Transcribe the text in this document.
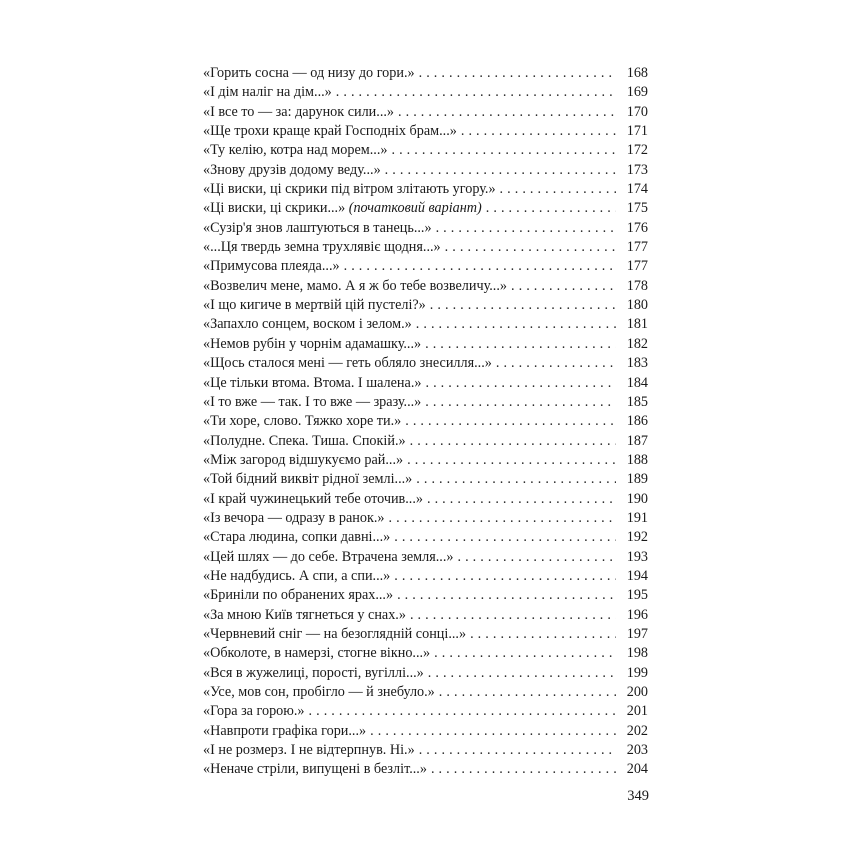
«Горить сосна — од низу до гори.» . . .	168
«І дім наліг на дім...» . . .	169
«І все то — за: дарунок сили...» . . .	170
«Ще трохи краще край Господніх брам...» . . .	171
«Ту келію, котра над морем...» . . .	172
«Знову друзів додому веду...» . . .	173
«Ці виски, ці скрики під вітром злітають угору.» . . .	174
«Ці виски, ці скрики...» (початковий варіант) . . .	175
«Сузір'я знов лаштуються в танець...» . . .	176
«...Ця твердь земна трухлявіє щодня...» . . .	177
«Примусова плеяда...» . . .	177
«Возвелич мене, мамо. А я ж бо тебе возвеличу...» . . .	178
«І що кигиче в мертвій цій пустелі?» . . .	180
«Запахло сонцем, воском і зелом.» . . .	181
«Немов рубін у чорнім адамашку...» . . .	182
«Щось сталося мені — геть обляло знесилля...» . . .	183
«Це тільки втома. Втома. І шалена.» . . .	184
«І то вже — так. І то вже — зразу...» . . .	185
«Ти хоре, слово. Тяжко хоре ти.» . . .	186
«Полудне. Спека. Тиша. Спокій.» . . .	187
«Між загород відшукуємо рай...» . . .	188
«Той бідний виквіт рідної землі...» . . .	189
«І край чужинецький тебе оточив...» . . .	190
«Із вечора — одразу в ранок.» . . .	191
«Стара людина, сопки давні...» . . .	192
«Цей шлях — до себе. Втрачена земля...» . . .	193
«Не надбудись. А спи, а спи...» . . .	194
«Бриніли по обранених ярах...» . . .	195
«За мною Київ тягнеться у снах.» . . .	196
«Червневий сніг — на безоглядній сонці...» . . .	197
«Обколоте, в намерзі, стогне вікно...» . . .	198
«Вся в жужелиці, порості, вугіллі...» . . .	199
«Усе, мов сон, пробігло — й знебуло.» . . .	200
«Гора за горою.» . . .	201
«Навпроти графіка гори...» . . .	202
«І не розмерз. І не відтерпнув. Ні.» . . .	203
«Неначе стріли, випущені в безліт...» . . .	204
349
